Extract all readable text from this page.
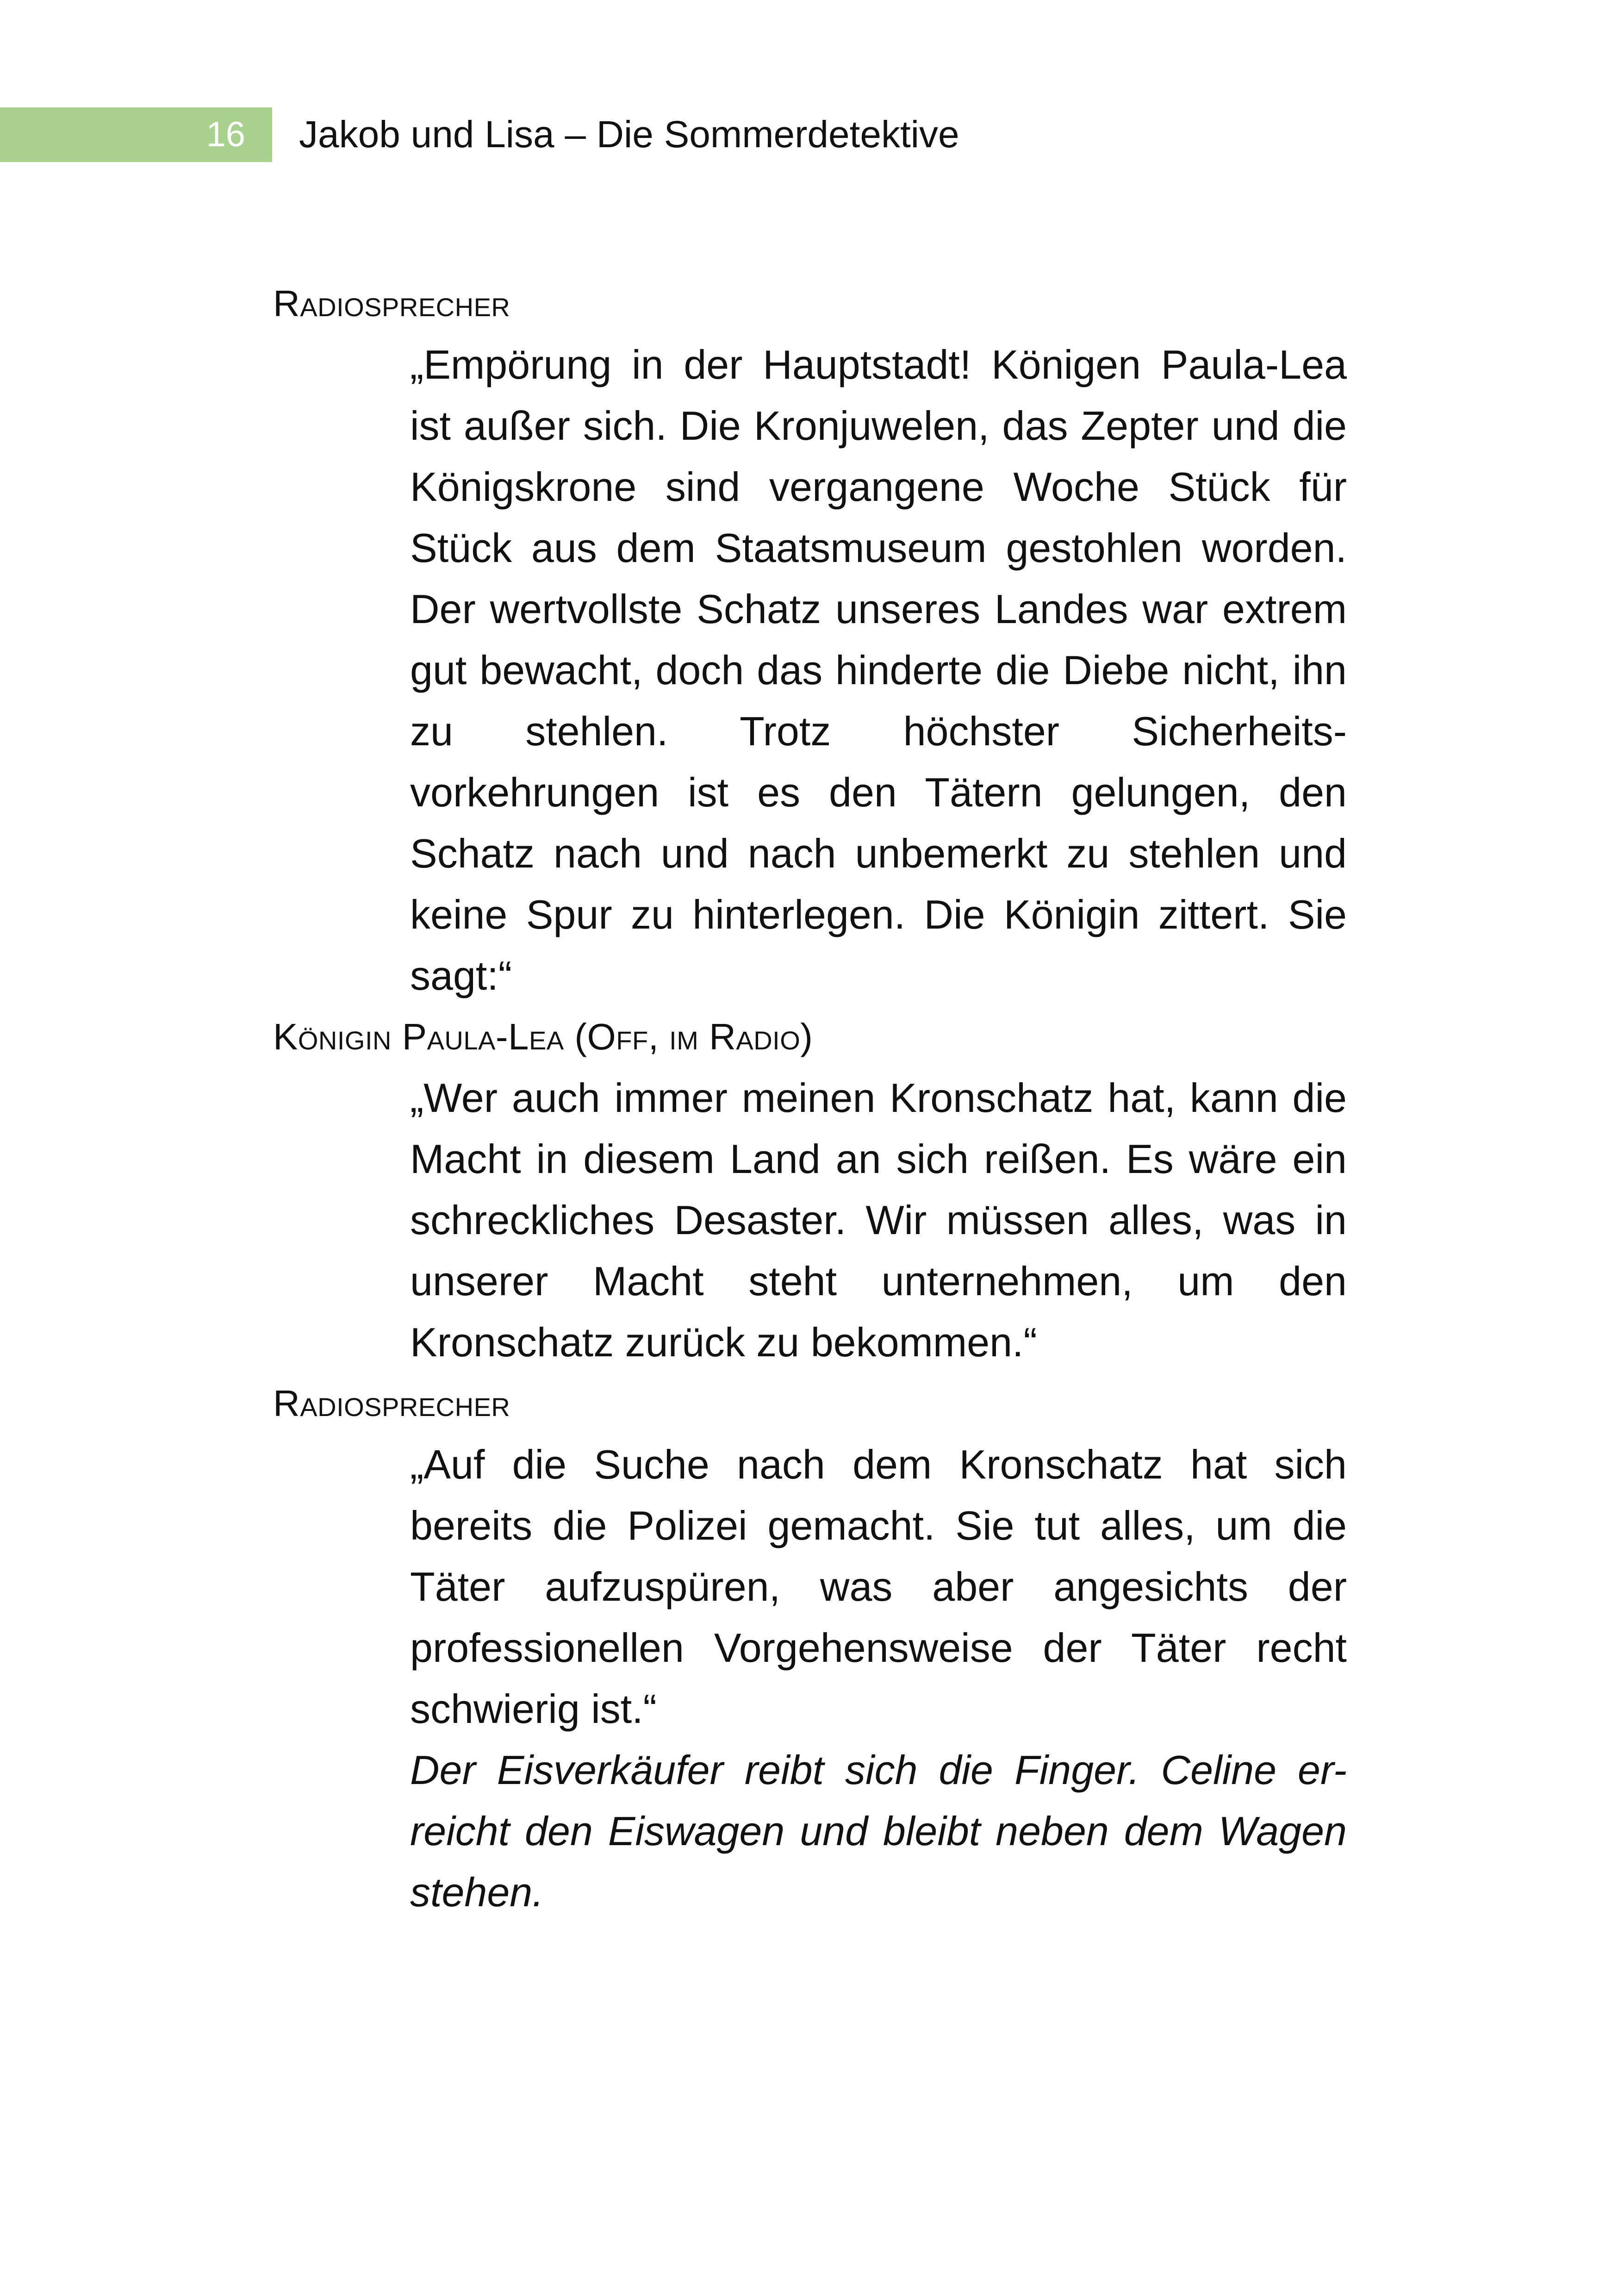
16 Jakob und Lisa – Die Sommerdetektive

Radiosprecher

„Empörung in der Hauptstadt! Königen Paula-Lea ist außer sich. Die Kronjuwelen, das Zepter und die Königskrone sind vergangene Woche Stück für Stück aus dem Staatsmuseum gestohlen worden. Der wertvollste Schatz unseres Landes war extrem gut bewacht, doch das hinderte die Diebe nicht, ihn zu stehlen. Trotz höchster Sicherheits-vorkehrungen ist es den Tätern gelungen, den Schatz nach und nach unbemerkt zu stehlen und keine Spur zu hinterlegen. Die Königin zittert. Sie sagt:“

Königin Paula-Lea (Off, im Radio)

„Wer auch immer meinen Kronschatz hat, kann die Macht in diesem Land an sich reißen. Es wäre ein schreckliches Desaster. Wir müssen alles, was in unserer Macht steht unternehmen, um den Kronschatz zurück zu bekommen.“

Radiosprecher

„Auf die Suche nach dem Kronschatz hat sich bereits die Polizei gemacht. Sie tut alles, um die Täter aufzuspüren, was aber angesichts der professionellen Vorgehensweise der Täter recht schwierig ist.“

Der Eisverkäufer reibt sich die Finger. Celine er-reicht den Eiswagen und bleibt neben dem Wagen stehen.
